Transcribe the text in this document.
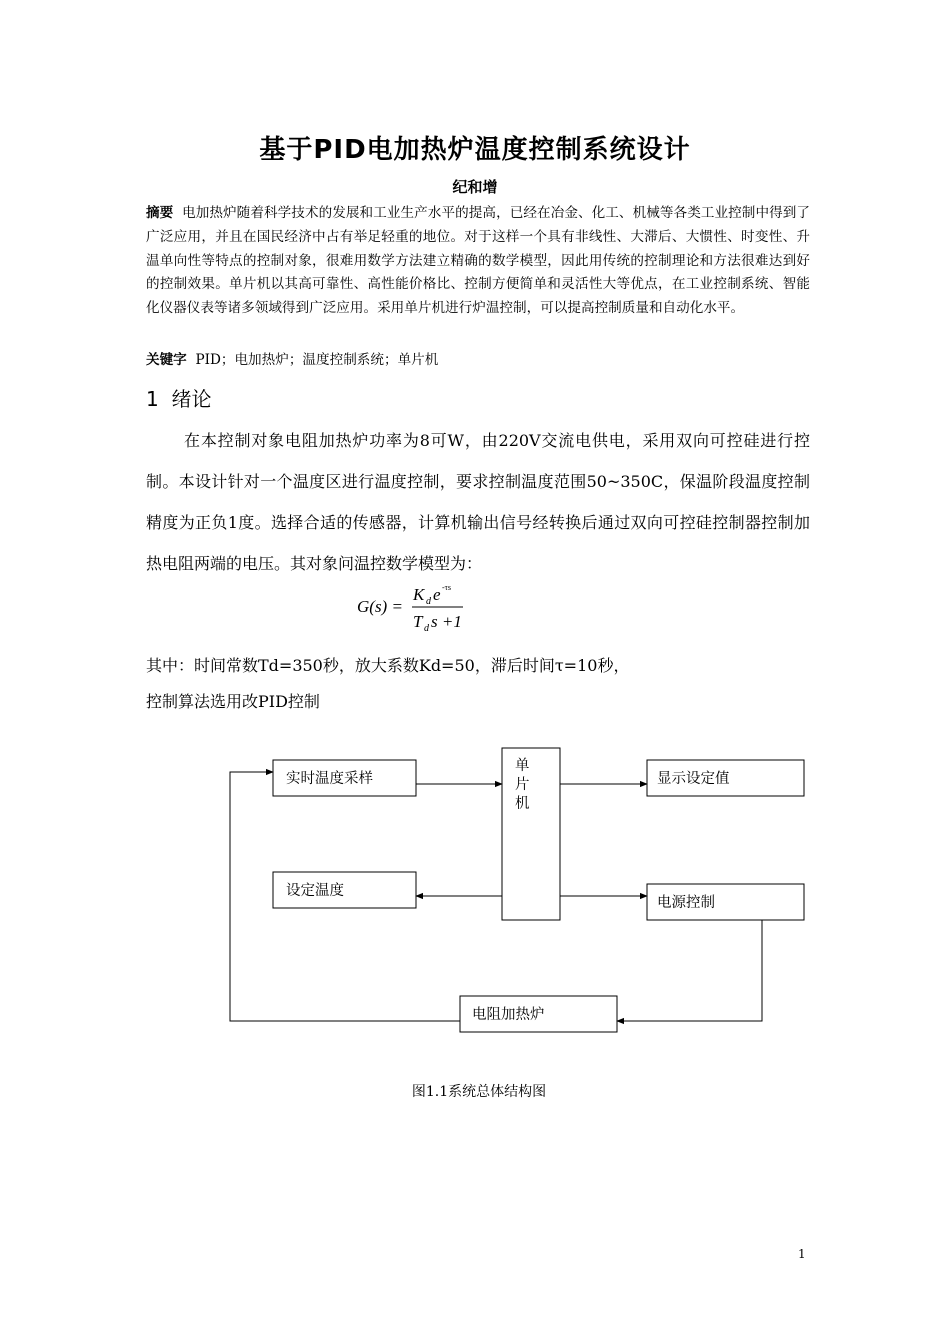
基于PID电加热炉温度控制系统设计
纪和增
摘要 电加热炉随着科学技术的发展和工业生产水平的提高，已经在冶金、化工、机械等各类工业控制中得到了广泛应用，并且在国民经济中占有举足轻重的地位。对于这样一个具有非线性、大滞后、大惯性、时变性、升温单向性等特点的控制对象，很难用数学方法建立精确的数学模型，因此用传统的控制理论和方法很难达到好的控制效果。单片机以其高可靠性、高性能价格比、控制方便简单和灵活性大等优点，在工业控制系统、智能化仪器仪表等诸多领域得到广泛应用。采用单片机进行炉温控制，可以提高控制质量和自动化水平。
关键字 PID；电加热炉；温度控制系统；单片机
1 绪论
在本控制对象电阻加热炉功率为8可W，由220V交流电供电，采用双向可控硅进行控制。本设计针对一个温度区进行温度控制，要求控制温度范围50~350C，保温阶段温度控制精度为正负1度。选择合适的传感器，计算机输出信号经转换后通过双向可控硅控制器控制加热电阻两端的电压。其对象问温控数学模型为：
G(s) =
K d e -τs
T d s +1
其中：时间常数Td=350秒，放大系数Kd=50，滞后时间τ=10秒，
控制算法选用改PID控制
实时温度采样	显示设定值
设定温度
电源控制
电阻加热炉
单
片
机
图1.1系统总体结构图
1
